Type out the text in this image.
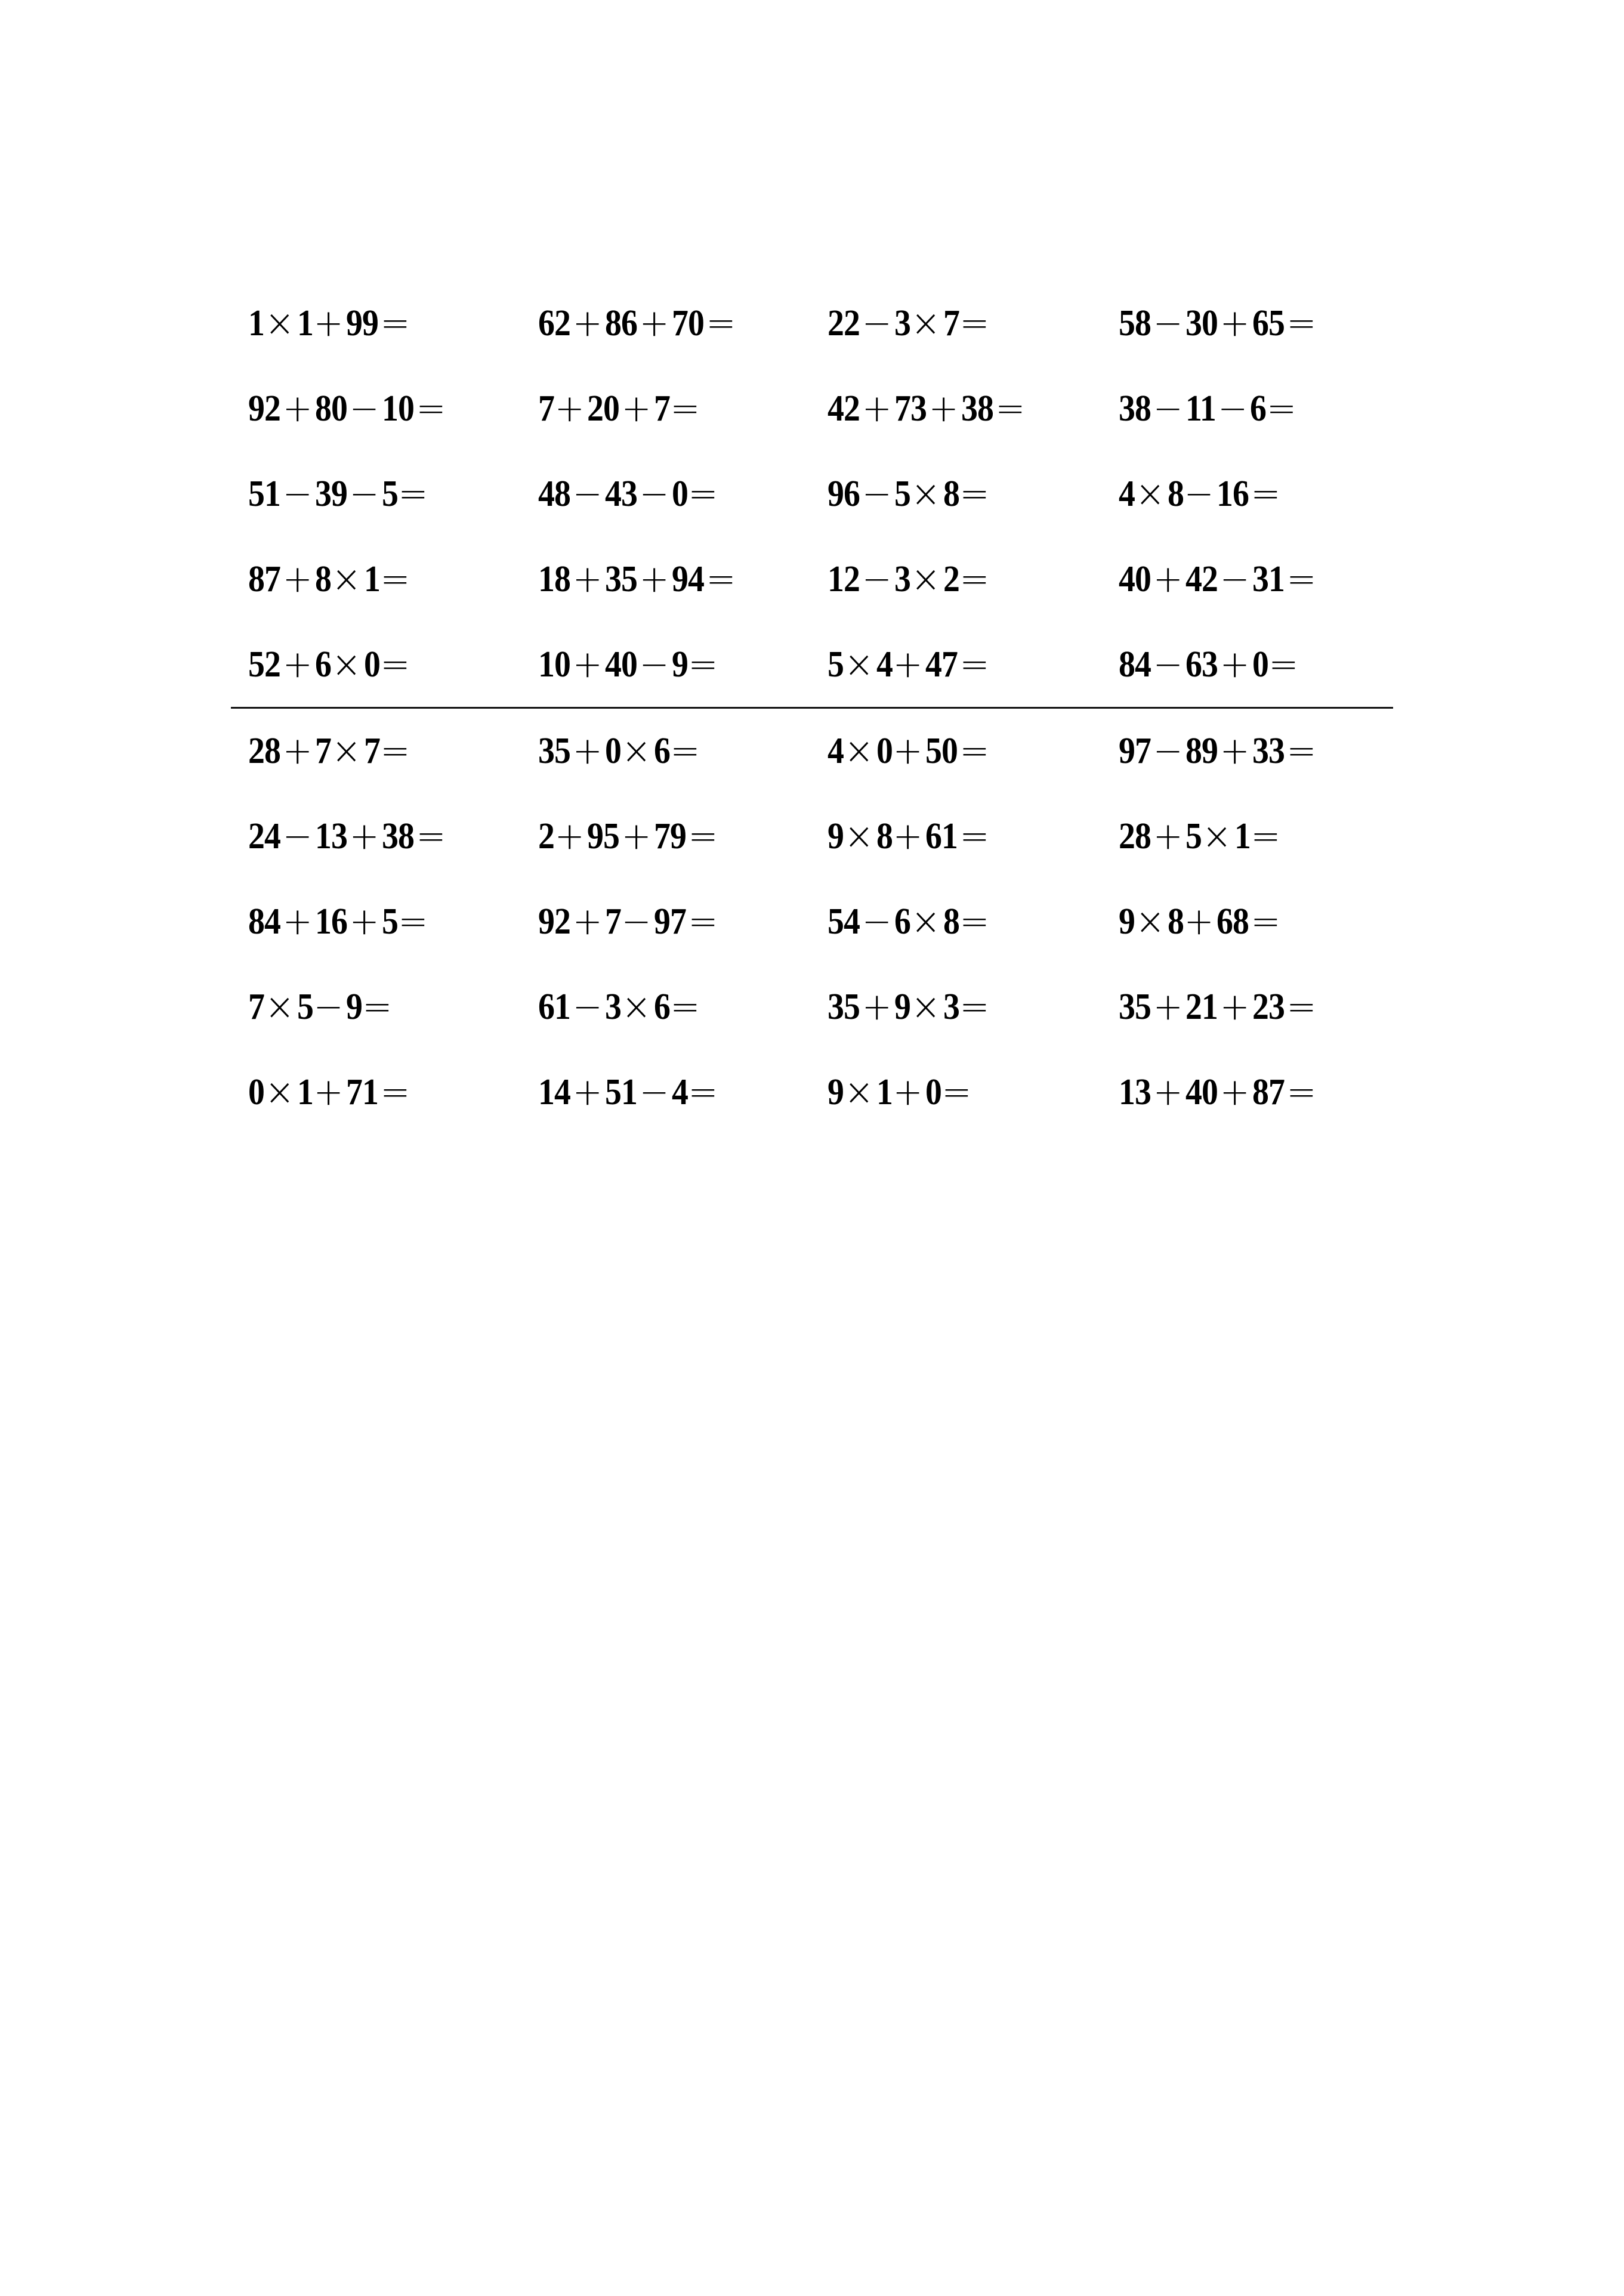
1×1+99=	62+86+70= 22−3×7=	58−30+65=
92+80−10= 7+20+7=	42+73+38=	38−11−6=
51−39−5=	48−43−0=	96−5×8=	4×8−16=
87+8×1=	18+35+94= 12−3×2=	40+42−31=
52+6×0=	10+40−9=	5×4+47=	84−63+0=
28+7×7=	35+0×6=	4×0+50=	97−89+33=
24−13+38= 2+95+79=	9×8+61=	28+5×1=
84+16+5=	92+7−97=	54−6×8=	9×8+68=
7×5−9=	61−3×6=	35+9×3=	35+21+23=
0×1+71=	14+51−4=	9×1+0=	13+40+87=
